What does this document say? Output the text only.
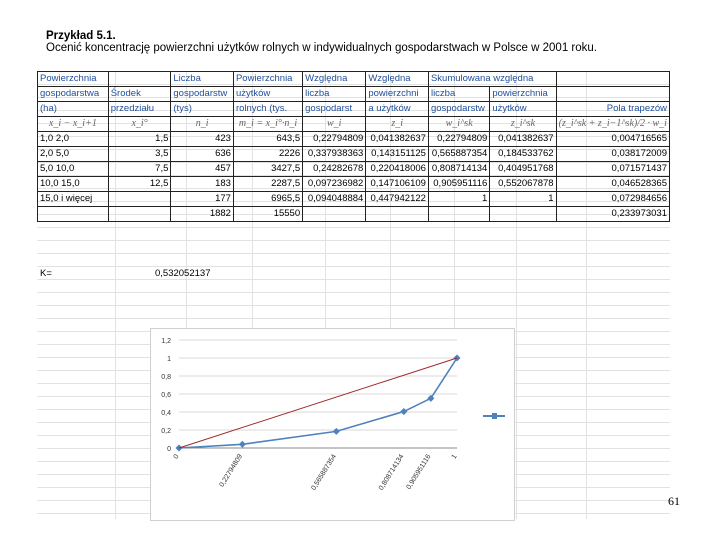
Przykład 5.1.
Ocenić koncentrację powierzchni użytków rolnych w indywidualnych gospodarstwach w Polsce w 2001 roku.
Powierzchnia		Liczba	Powierzchnia	Względna	Względna	Skumulowana względna		
gospodarstwa	Środek	gospodarstw	użytków	liczba	powierzchni	liczba	powierzchnia	
(ha)	przedziału	(tys)	rolnych (tys.	gospodarst	a użytków	gospodarstw	użytków	Pola trapezów
x_i − x_i+1	x_i°	n_i	m_i = x_i°·n_i	w_i	z_i	w_i^sk	z_i^sk	(z_i^sk + z_i−1^sk)/2 · w_i
1,0 2,0	1,5	423	643,5	0,22794809	0,041382637	0,22794809	0,041382637	0,004716565
2,0 5,0	3,5	636	2226	0,337938363	0,143151125	0,565887354	0,184533762	0,038172009
5,0 10,0	7,5	457	3427,5	0,24282678	0,220418006	0,808714134	0,404951768	0,071571437
10,0 15,0	12,5	183	2287,5	0,097236982	0,147106109	0,905951116	0,552067878	0,046528365
15,0 i więcej		177	6965,5	0,094048884	0,447942122	1	1	0,072984656
		1882	15550					0,233973031
K=	0,532052137
0
0,2
0,4
0,6
0,8
1
1,2
0	0,22794809	0,565887354	0,808714134 0,905951116	1
61
